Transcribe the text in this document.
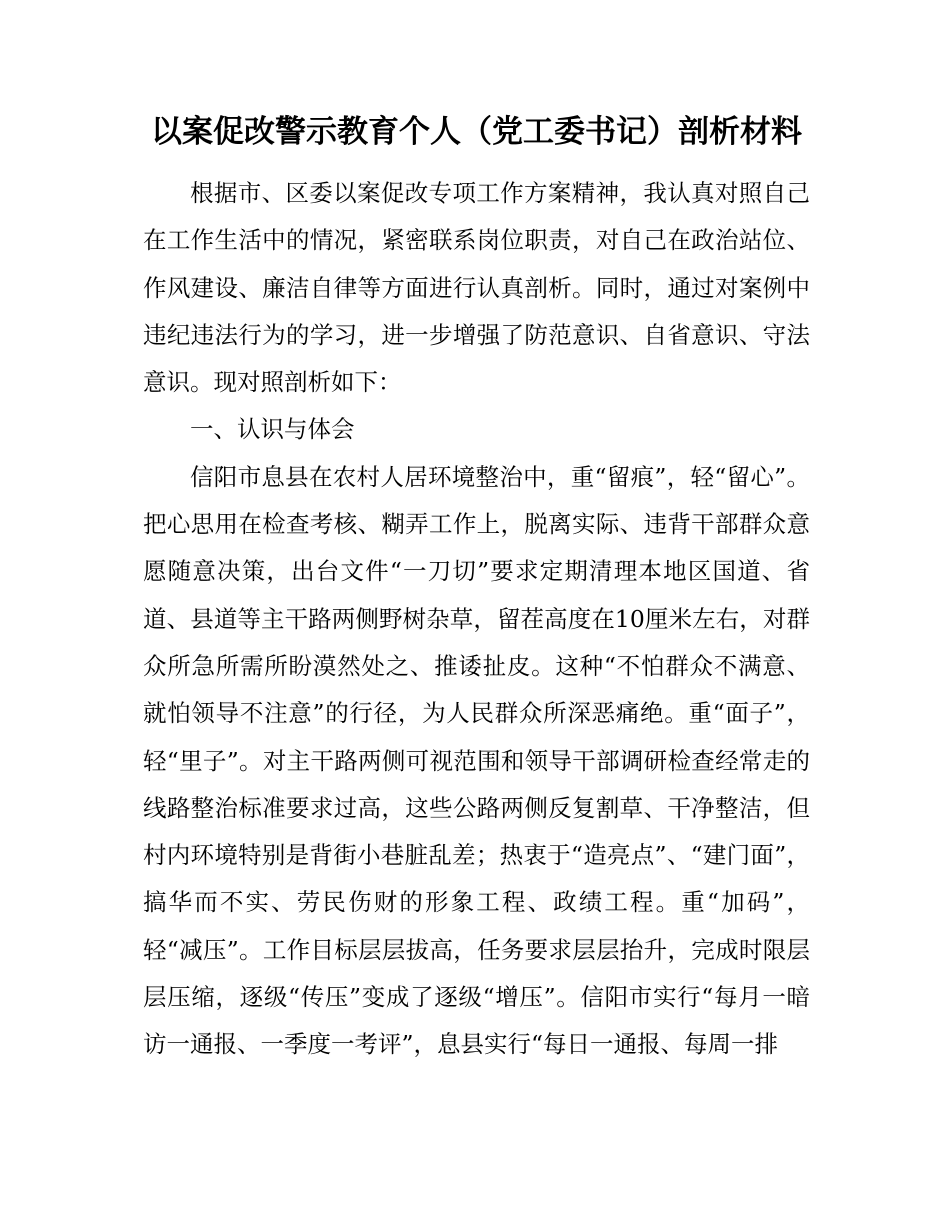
以案促改警示教育个人（党工委书记）剖析材料

根据市、区委以案促改专项工作方案精神，我认真对照自己在工作生活中的情况，紧密联系岗位职责，对自己在政治站位、作风建设、廉洁自律等方面进行认真剖析。同时，通过对案例中违纪违法行为的学习，进一步增强了防范意识、自省意识、守法意识。现对照剖析如下：

一、认识与体会

信阳市息县在农村人居环境整治中，重“留痕”，轻“留心”。把心思用在检查考核、糊弄工作上，脱离实际、违背干部群众意愿随意决策，出台文件“一刀切”要求定期清理本地区国道、省道、县道等主干路两侧野树杂草，留茬高度在10厘米左右，对群众所急所需所盼漠然处之、推诿扯皮。这种“不怕群众不满意、就怕领导不注意”的行径，为人民群众所深恶痛绝。重“面子”，轻“里子”。对主干路两侧可视范围和领导干部调研检查经常走的线路整治标准要求过高，这些公路两侧反复割草、干净整洁，但村内环境特别是背街小巷脏乱差；热衷于“造亮点”、“建门面”，搞华而不实、劳民伤财的形象工程、政绩工程。重“加码”，轻“减压”。工作目标层层拔高，任务要求层层抬升，完成时限层层压缩，逐级“传压”变成了逐级“增压”。信阳市实行“每月一暗访一通报、一季度一考评”，息县实行“每日一通报、每周一排
